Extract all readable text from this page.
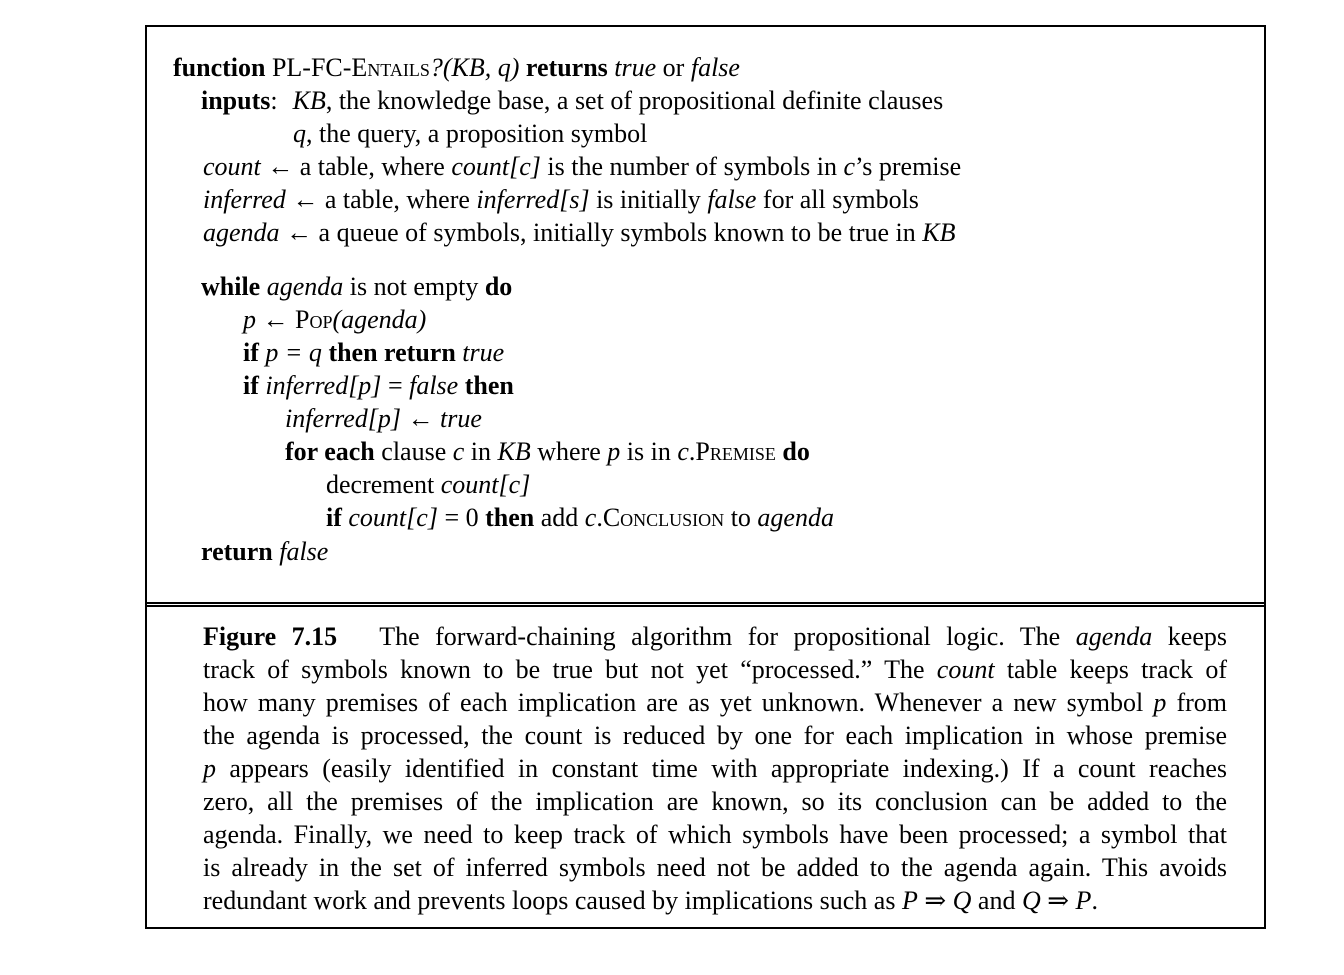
function PL-FC-Entails?(KB, q) returns true or false
inputs: KB, the knowledge base, a set of propositional definite clauses
q, the query, a proposition symbol
count ← a table, where count[c] is the number of symbols in c’s premise
inferred ← a table, where inferred[s] is initially false for all symbols
agenda ← a queue of symbols, initially symbols known to be true in KB
while agenda is not empty do
p ← Pop(agenda)
if p = q then return true
if inferred[p] = false then
inferred[p] ← true
for each clause c in KB where p is in c.Premise do
decrement count[c]
if count[c] = 0 then add c.Conclusion to agenda
return false
Figure 7.15 The forward-chaining algorithm for propositional logic. The agenda keeps
track of symbols known to be true but not yet “processed.” The count table keeps track of
how many premises of each implication are as yet unknown. Whenever a new symbol p from
the agenda is processed, the count is reduced by one for each implication in whose premise
p appears (easily identified in constant time with appropriate indexing.) If a count reaches
zero, all the premises of the implication are known, so its conclusion can be added to the
agenda. Finally, we need to keep track of which symbols have been processed; a symbol that
is already in the set of inferred symbols need not be added to the agenda again. This avoids
redundant work and prevents loops caused by implications such as P ⇒ Q and Q ⇒ P.
